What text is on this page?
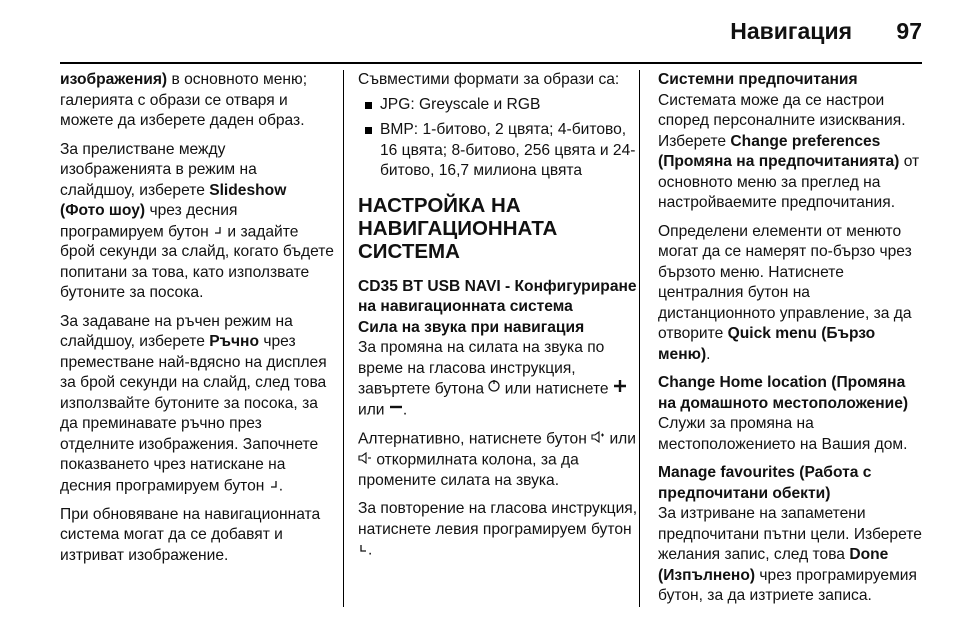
Навигация 97

изображения) в основното меню; галерията с образи се отваря и можете да изберете даден образ.

За прелистване между изображенията в режим на слайдшоу, изберете Slideshow (Фото шоу) чрез десния програмируем бутон  и задайте брой секунди за слайд, когато бъдете попитани за това, като използвате бутоните за посока.

За задаване на ръчен режим на слайдшоу, изберете Ръчно чрез преместване най-вдясно на дисплея за брой секунди на слайд, след това използвайте бутоните за посока, за да преминавате ръчно през отделните изображения. Започнете показването чрез натискане на десния програмируем бутон .

При обновяване на навигационната система могат да се добавят и изтриват изображение.

Съвместими формати за образи са:

JPG: Greyscale и RGB
BMP: 1-битово, 2 цвята; 4-битово, 16 цвята; 8-битово, 256 цвята и 24-битово, 16,7 милиона цвята
НАСТРОЙКА НА НАВИГАЦИОННАТА СИСТЕМА

CD35 BT USB NAVI - Конфигуриране на навигационната система

Сила на звука при навигация

За промяна на силата на звука по време на гласова инструкция, завъртете бутона  или натиснете  или .

Алтернативно, натиснете бутон  или  откормилната колона, за да промените силата на звука.

За повторение на гласова инструкция, натиснете левия програмируем бутон .

Системни предпочитания

Системата може да се настрои според персоналните изисквания. Изберете Change preferences (Промяна на предпочитанията) от основното меню за преглед на настройваемите предпочитания.

Определени елементи от менюто могат да се намерят по-бързо чрез бързото меню. Натиснете централния бутон на дистанционното управление, за да отворите Quick menu (Бързо меню).

Change Home location (Промяна на домашното местоположение)

Служи за промяна на местоположението на Вашия дом.

Manage favourites (Работа с предпочитани обекти)

За изтриване на запаметени предпочитани пътни цели. Изберете желания запис, след това Done (Изпълнено) чрез програмируемия бутон, за да изтриете записа.
